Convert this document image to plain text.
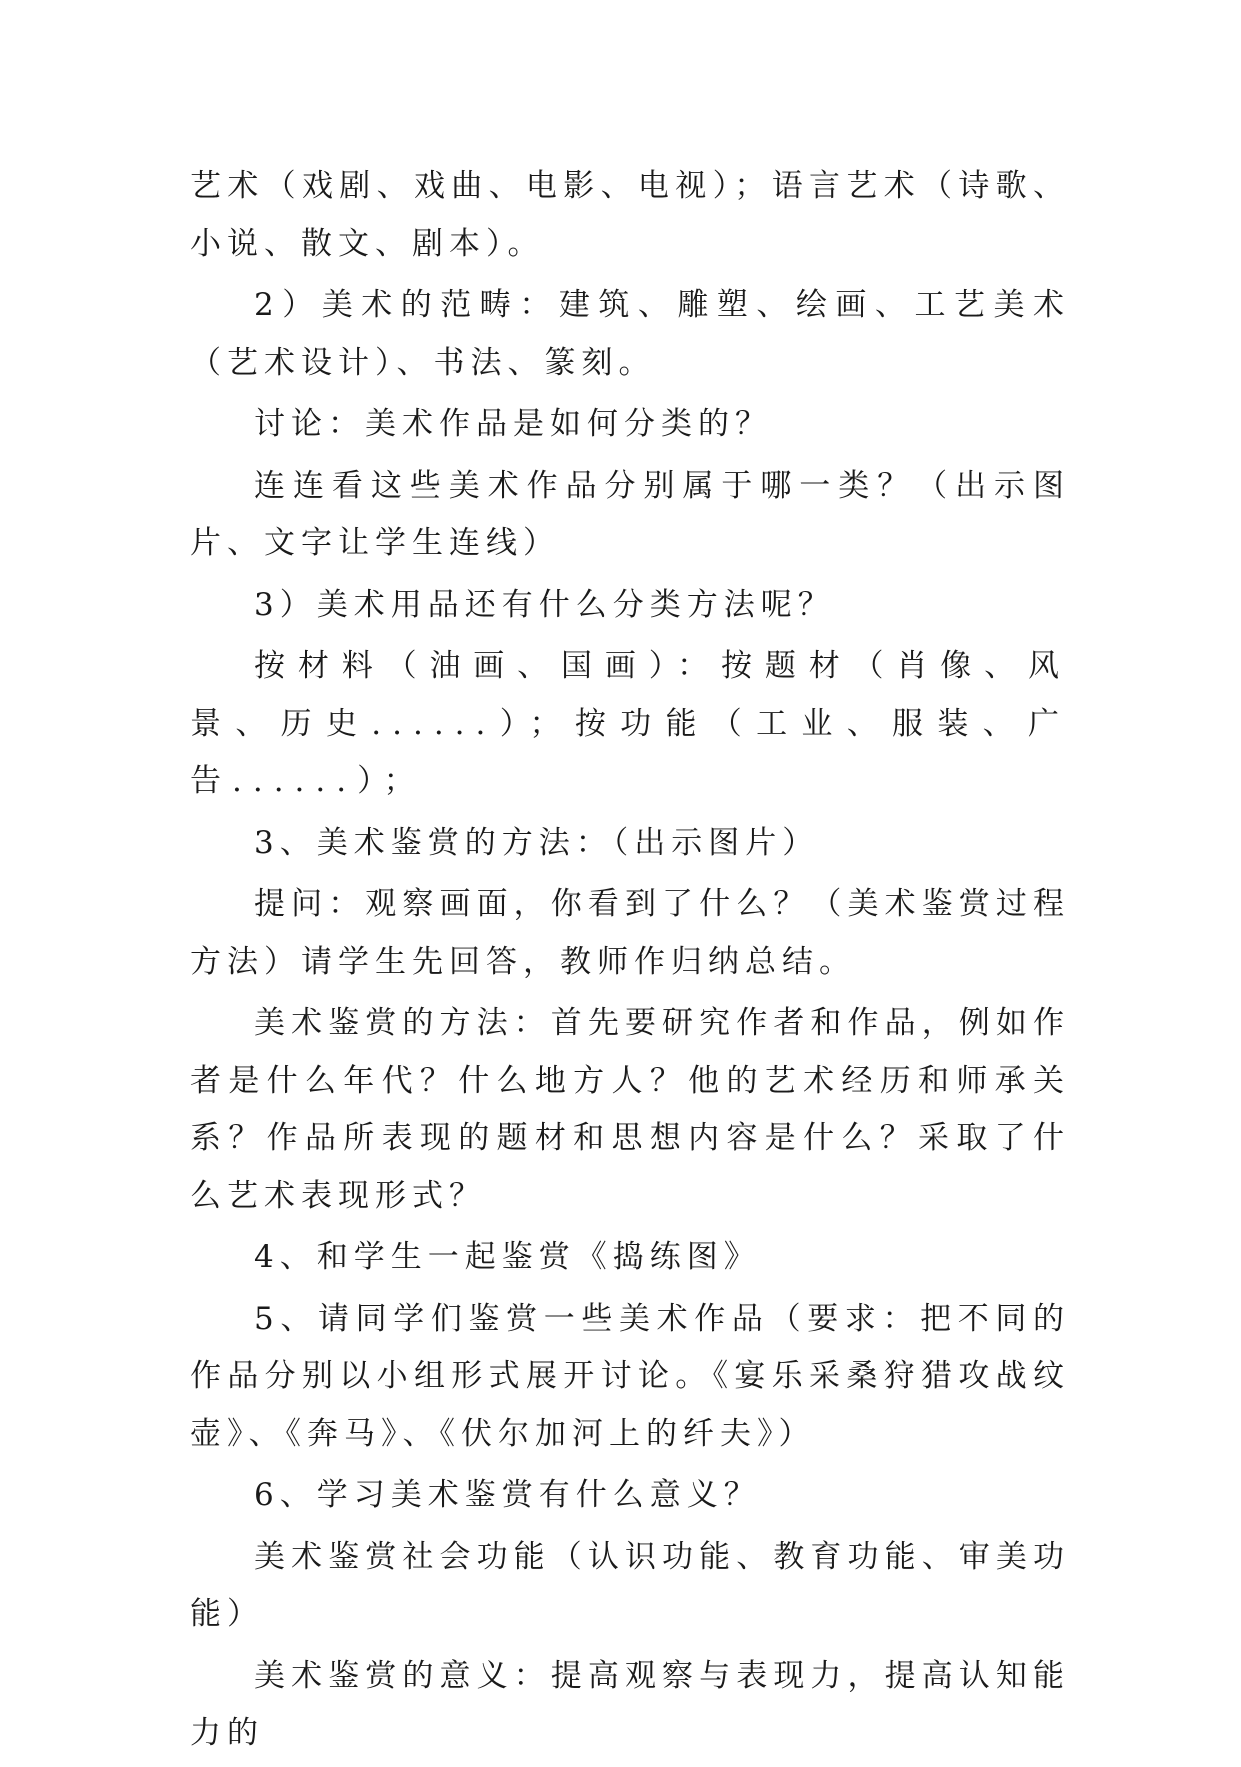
艺术（戏剧、戏曲、电影、电视）；语言艺术（诗歌、小说、散文、剧本）。

2）美术的范畴：建筑、雕塑、绘画、工艺美术（艺术设计）、书法、篆刻。

讨论：美术作品是如何分类的？

连连看这些美术作品分别属于哪一类？（出示图片、文字让学生连线）

3）美术用品还有什么分类方法呢？

按材料（油画、国画）：按题材（肖像、风景、历史......）；按功能（工业、服装、广告......）；

3、美术鉴赏的方法：（出示图片）

提问：观察画面，你看到了什么？（美术鉴赏过程方法）请学生先回答，教师作归纳总结。

美术鉴赏的方法：首先要研究作者和作品，例如作者是什么年代？什么地方人？他的艺术经历和师承关系？作品所表现的题材和思想内容是什么？采取了什么艺术表现形式？

4、和学生一起鉴赏《捣练图》

5、请同学们鉴赏一些美术作品（要求：把不同的作品分别以小组形式展开讨论。《宴乐采桑狩猎攻战纹壶》、《奔马》、《伏尔加河上的纤夫》）

6、学习美术鉴赏有什么意义？

美术鉴赏社会功能（认识功能、教育功能、审美功能）

美术鉴赏的意义：提高观察与表现力，提高认知能力的
